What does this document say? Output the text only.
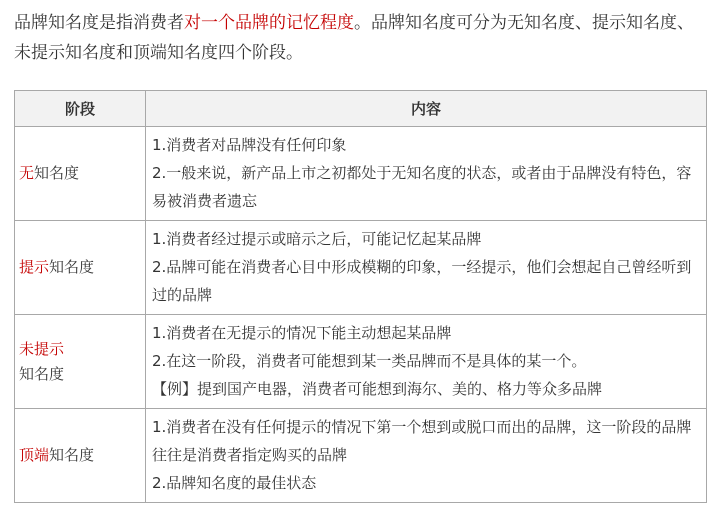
品牌知名度是指消费者对一个品牌的记忆程度。品牌知名度可分为无知名度、提示知名度、未提示知名度和顶端知名度四个阶段。
阶段	内容
无知名度	1.消费者对品牌没有任何印象
2.一般来说，新产品上市之初都处于无知名度的状态，或者由于品牌没有特色，容易被消费者遗忘

提示知名度	1.消费者经过提示或暗示之后，可能记忆起某品牌
2.品牌可能在消费者心目中形成模糊的印象，一经提示，他们会想起自己曾经听到过的品牌

未提示
知名度	1.消费者在无提示的情况下能主动想起某品牌
2.在这一阶段，消费者可能想到某一类品牌而不是具体的某一个。
【例】提到国产电器，消费者可能想到海尔、美的、格力等众多品牌

顶端知名度	1.消费者在没有任何提示的情况下第一个想到或脱口而出的品牌，这一阶段的品牌往往是消费者指定购买的品牌
2.品牌知名度的最佳状态
